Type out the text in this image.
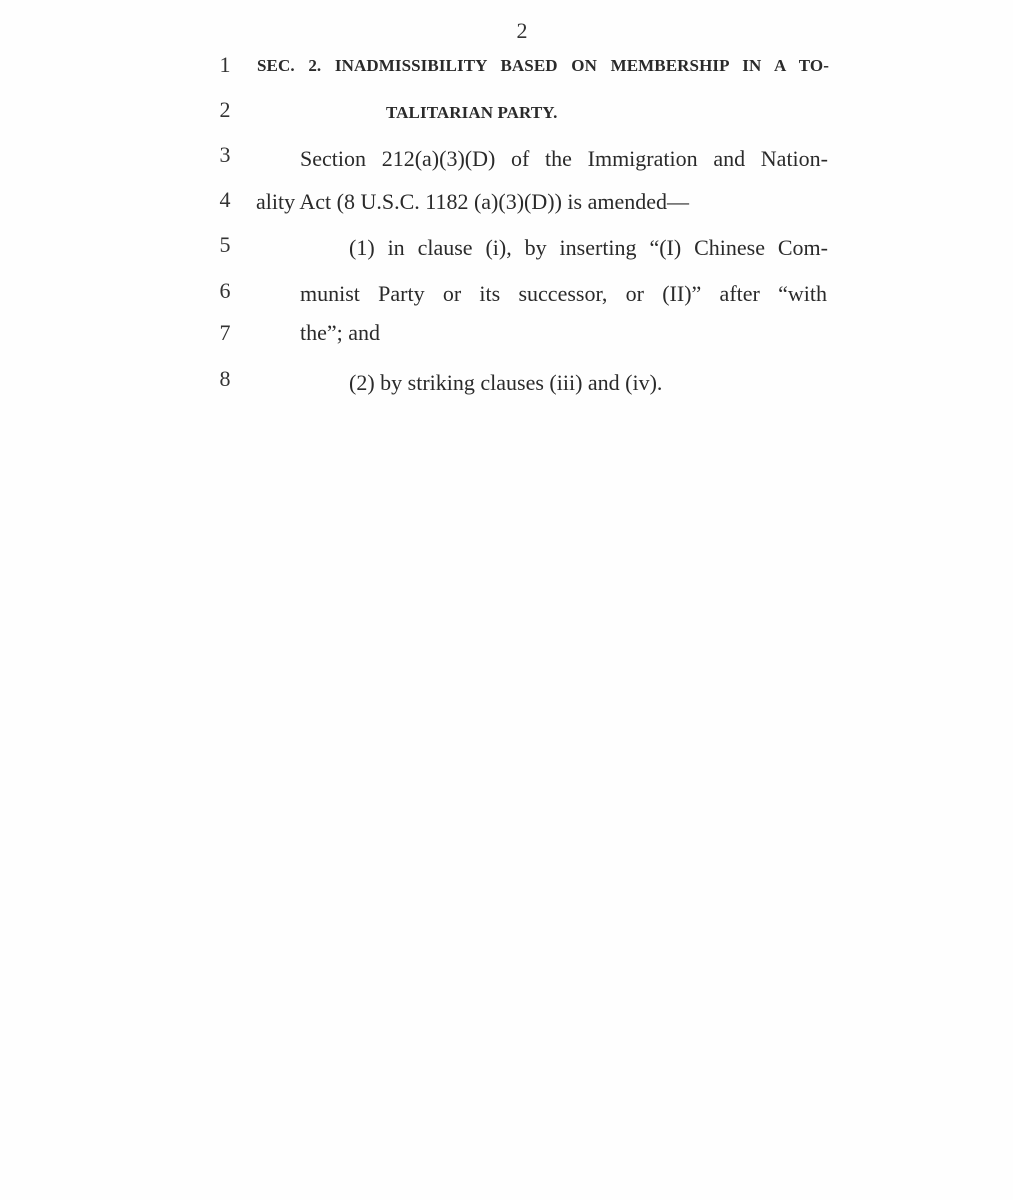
2
1	SEC. 2. INADMISSIBILITY BASED ON MEMBERSHIP IN A TO-
2	TALITARIAN PARTY.
3	Section 212(a)(3)(D) of the Immigration and Nation-
4	ality Act (8 U.S.C. 1182 (a)(3)(D)) is amended—
5	(1) in clause (i), by inserting “(I) Chinese Com-
6	munist Party or its successor, or (II)” after “with
7	the”; and
8	(2) by striking clauses (iii) and (iv).
